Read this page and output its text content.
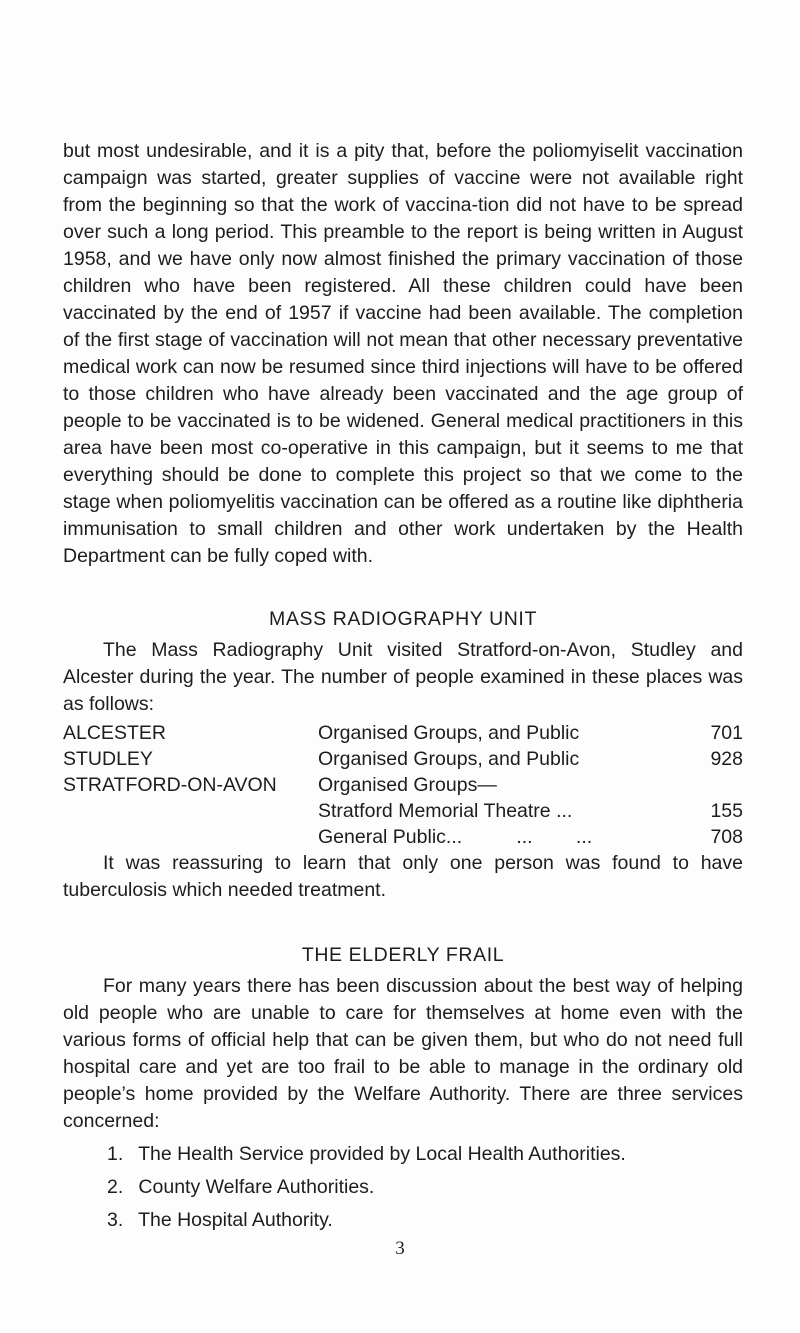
but most undesirable, and it is a pity that, before the poliomyiselit vaccination campaign was started, greater supplies of vaccine were not available right from the beginning so that the work of vaccina-tion did not have to be spread over such a long period. This preamble to the report is being written in August 1958, and we have only now almost finished the primary vaccination of those children who have been registered. All these children could have been vaccinated by the end of 1957 if vaccine had been available. The completion of the first stage of vaccination will not mean that other necessary preventative medical work can now be resumed since third injections will have to be offered to those children who have already been vaccinated and the age group of people to be vaccinated is to be widened. General medical practitioners in this area have been most co-operative in this campaign, but it seems to me that everything should be done to complete this project so that we come to the stage when poliomyelitis vaccination can be offered as a routine like diphtheria immunisation to small children and other work undertaken by the Health Department can be fully coped with.

MASS RADIOGRAPHY UNIT

The Mass Radiography Unit visited Stratford-on-Avon, Studley and Alcester during the year. The number of people examined in these places was as follows:

ALCESTER	Organised Groups, and Public	701
STUDLEY	Organised Groups, and Public	928
STRATFORD-ON-AVON	Organised Groups—	
	Stratford Memorial Theatre ...	155
	General Public...          ...        ...	708

It was reassuring to learn that only one person was found to have tuberculosis which needed treatment.

THE ELDERLY FRAIL

For many years there has been discussion about the best way of helping old people who are unable to care for themselves at home even with the various forms of official help that can be given them, but who do not need full hospital care and yet are too frail to be able to manage in the ordinary old people’s home provided by the Welfare Authority. There are three services concerned:

1. The Health Service provided by Local Health Authorities.
2. County Welfare Authorities.
3. The Hospital Authority.
3
